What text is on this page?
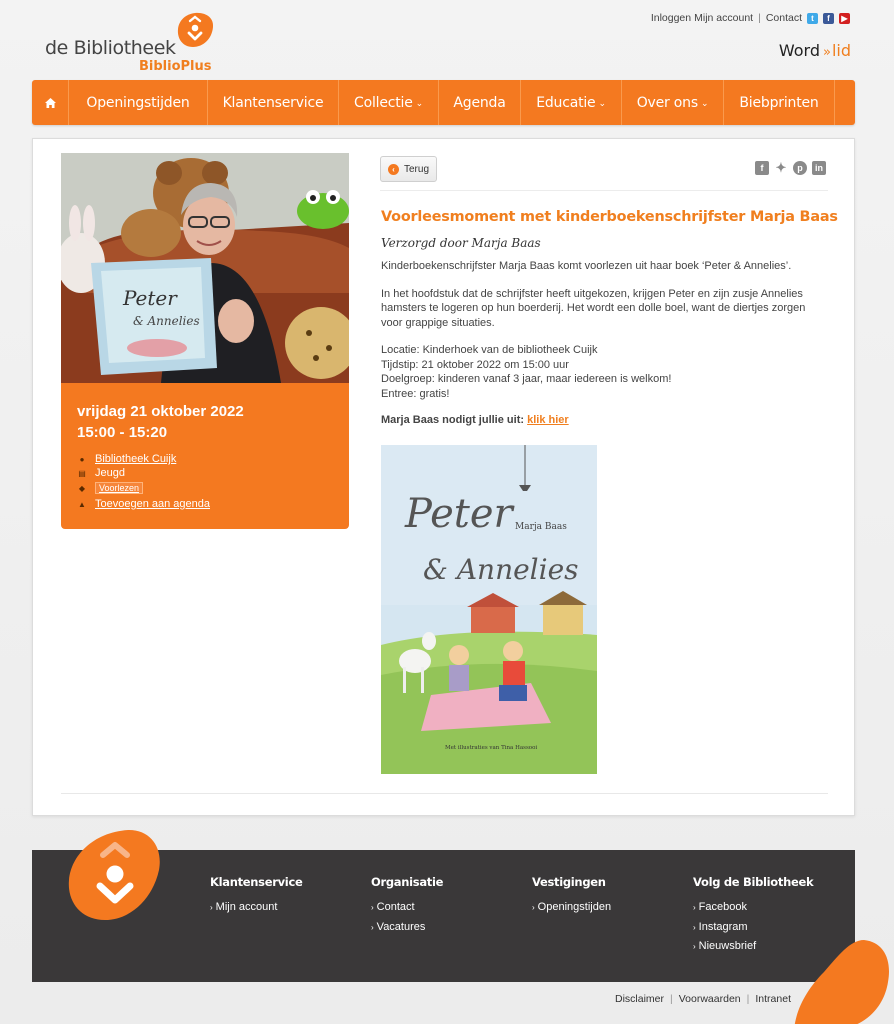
de Bibliotheek
BiblioPlus
Inloggen Mijn account | Contact	t	f	▶
Word »lid
Openingstijden Klantenservice Collectie ⌄ Agenda Educatie ⌄ Over ons ⌄ Biebprinten
Peter
& Annelies
vrijdag 21 oktober 2022
15:00 - 15:20
● Bibliotheek Cuijk
▤ Jeugd
◆	Voorlezen
▲ Toevoegen aan agenda
‹ Terug	f ✦	p	in
Voorleesmoment met kinderboekenschrijfster Marja Baas
Verzorgd door Marja Baas

Kinderboekenschrijfster Marja Baas komt voorlezen uit haar boek ‘Peter & Annelies’.

In het hoofdstuk dat de schrijfster heeft uitgekozen, krijgen Peter en zijn zusje Annelies hamsters te logeren op hun boerderij. Het wordt een dolle boel, want de diertjes zorgen voor grappige situaties.

Locatie: Kinderhoek van de bibliotheek Cuijk
Tijdstip: 21 oktober 2022 om 15:00 uur
Doelgroep: kinderen vanaf 3 jaar, maar iedereen is welkom!
Entree: gratis!

Marja Baas nodigt jullie uit: klik hier

Peter Marja Baas
& Annelies
Met illustraties van Tina Hassooi
Klantenservice
› Mijn account
Organisatie
› Contact
› Vacatures
Vestigingen
› Openingstijden
Volg de Bibliotheek
› Facebook
› Instagram
› Nieuwsbrief
Disclaimer | Voorwaarden | Intranet
